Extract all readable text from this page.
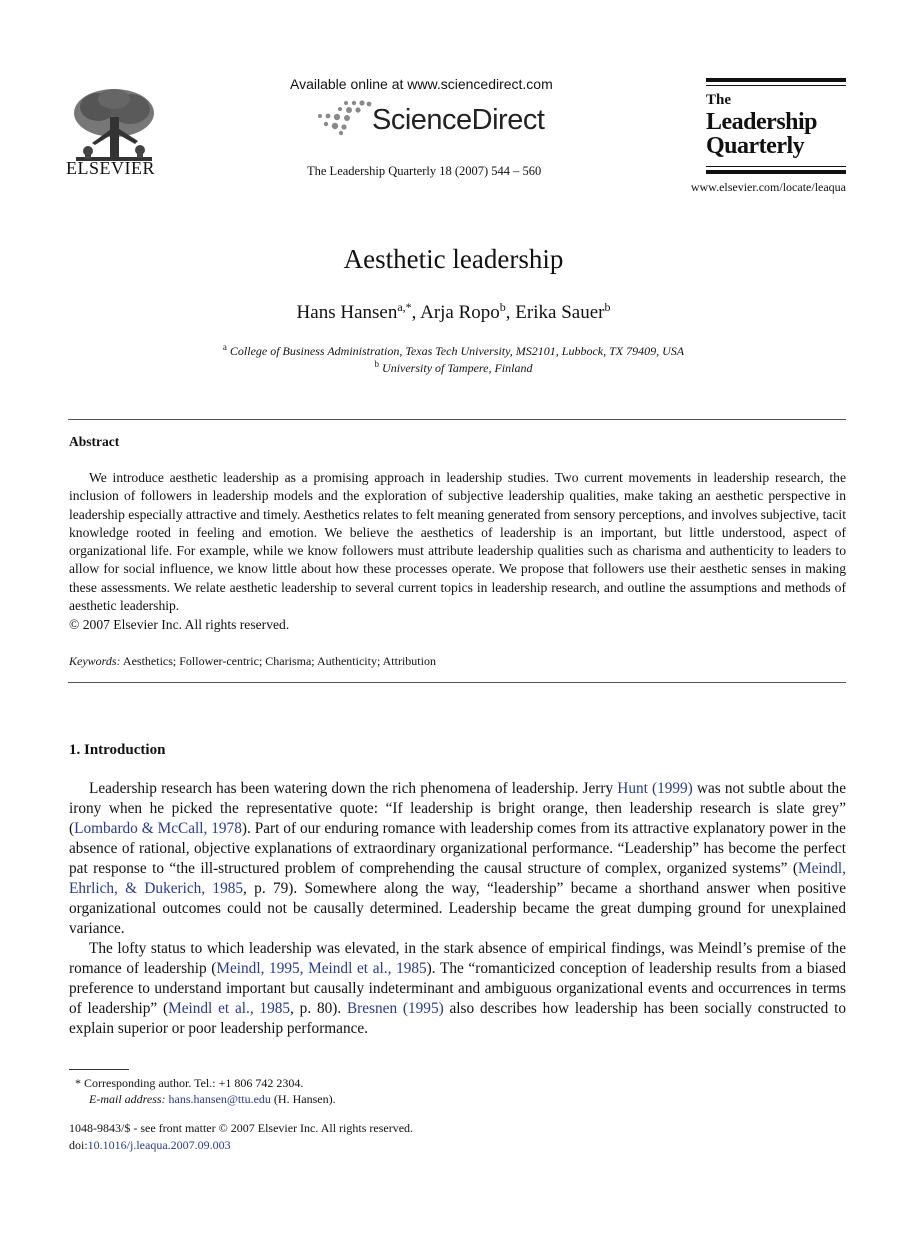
ELSEVIER
Available online at www.sciencedirect.com
ScienceDirect
The Leadership Quarterly 18 (2007) 544 – 560
The
Leadership
Quarterly
www.elsevier.com/locate/leaqua
Aesthetic leadership
Hans Hansen$^{a,*}$, Arja Ropo$^b$, Erika Sauer$^b$
$^a$ College of Business Administration, Texas Tech University, MS2101, Lubbock, TX 79409, USA
$^b$ University of Tampere, Finland
Abstract

We introduce aesthetic leadership as a promising approach in leadership studies. Two current movements in leadership research, the inclusion of followers in leadership models and the exploration of subjective leadership qualities, make taking an aesthetic perspective in leadership especially attractive and timely. Aesthetics relates to felt meaning generated from sensory perceptions, and involves subjective, tacit knowledge rooted in feeling and emotion. We believe the aesthetics of leadership is an important, but little understood, aspect of organizational life. For example, while we know followers must attribute leadership qualities such as charisma and authenticity to leaders to allow for social influence, we know little about how these processes operate. We propose that followers use their aesthetic senses in making these assessments. We relate aesthetic leadership to several current topics in leadership research, and outline the assumptions and methods of aesthetic leadership.

© 2007 Elsevier Inc. All rights reserved.
Keywords: Aesthetics; Follower-centric; Charisma; Authenticity; Attribution
1. Introduction

Leadership research has been watering down the rich phenomena of leadership. Jerry Hunt (1999) was not subtle about the irony when he picked the representative quote: “If leadership is bright orange, then leadership research is slate grey” (Lombardo & McCall, 1978). Part of our enduring romance with leadership comes from its attractive explanatory power in the absence of rational, objective explanations of extraordinary organizational performance. “Leadership” has become the perfect pat response to “the ill-structured problem of comprehending the causal structure of complex, organized systems” (Meindl, Ehrlich, & Dukerich, 1985, p. 79). Somewhere along the way, “leadership” became a shorthand answer when positive organizational outcomes could not be causally determined. Leadership became the great dumping ground for unexplained variance.

The lofty status to which leadership was elevated, in the stark absence of empirical findings, was Meindl’s premise of the romance of leadership (Meindl, 1995, Meindl et al., 1985). The “romanticized conception of leadership results from a biased preference to understand important but causally indeterminant and ambiguous organizational events and occurrences in terms of leadership” (Meindl et al., 1985, p. 80). Bresnen (1995) also describes how leadership has been socially constructed to explain superior or poor leadership performance.

* Corresponding author. Tel.: +1 806 742 2304.
E-mail address: hans.hansen@ttu.edu (H. Hansen).
1048-9843/$ - see front matter © 2007 Elsevier Inc. All rights reserved.
doi:10.1016/j.leaqua.2007.09.003
